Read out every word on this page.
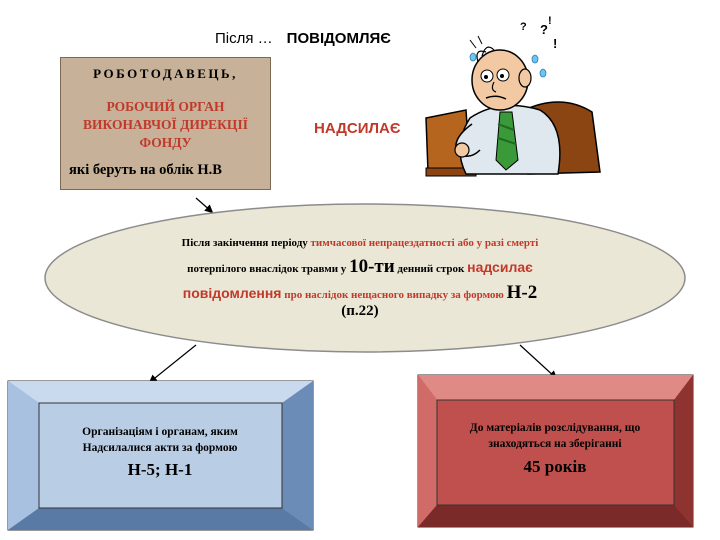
Після … ПОВІДОМЛЯЄ
?
!
!
?
РОБОТОДАВЕЦЬ,
РОБОЧИЙ ОРГАН
ВИКОНАВЧОЇ ДИРЕКЦІЇ
ФОНДУ
які беруть на облік Н.В
НАДСИЛАЄ
Після закінчення періоду тимчасової непрацездатності або у разі смерті
потерпілого внаслідок травми у 10-ти денний строк надсилає
повідомлення про наслідок нещасного випадку за формою Н-2
(п.22)
Організаціям і органам, яким
Надсилалися акти за формою
Н-5; Н-1
До матеріалів розслідування, що
знаходяться на зберіганні
45 років
